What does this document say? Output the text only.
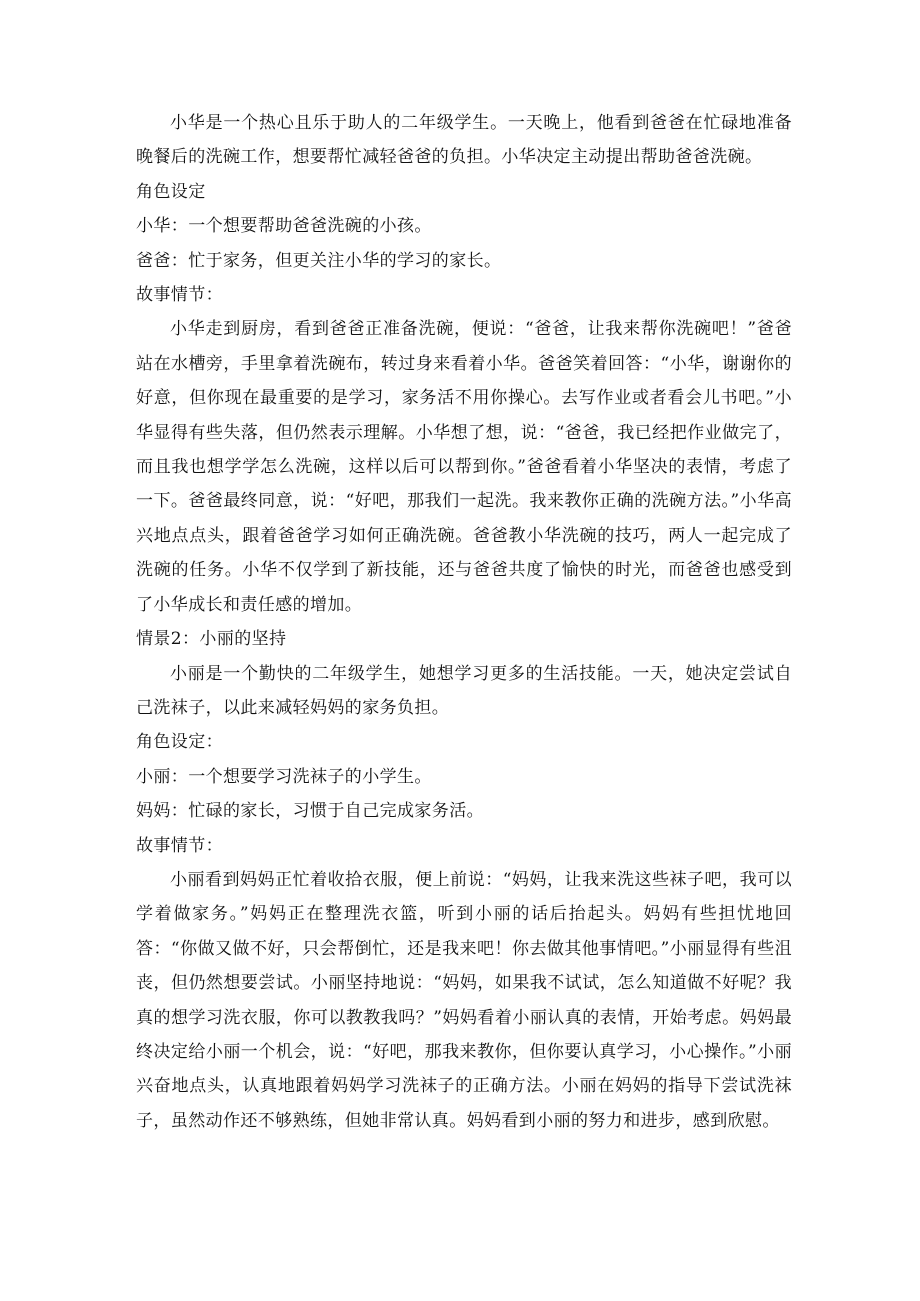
小华是一个热心且乐于助人的二年级学生。一天晚上，他看到爸爸在忙碌地准备晚餐后的洗碗工作，想要帮忙减轻爸爸的负担。小华决定主动提出帮助爸爸洗碗。

角色设定

小华：一个想要帮助爸爸洗碗的小孩。

爸爸：忙于家务，但更关注小华的学习的家长。

故事情节：

小华走到厨房，看到爸爸正准备洗碗，便说：“爸爸，让我来帮你洗碗吧！”爸爸站在水槽旁，手里拿着洗碗布，转过身来看着小华。爸爸笑着回答：“小华，谢谢你的好意，但你现在最重要的是学习，家务活不用你操心。去写作业或者看会儿书吧。”小华显得有些失落，但仍然表示理解。小华想了想，说：“爸爸，我已经把作业做完了，而且我也想学学怎么洗碗，这样以后可以帮到你。”爸爸看着小华坚决的表情，考虑了一下。爸爸最终同意，说：“好吧，那我们一起洗。我来教你正确的洗碗方法。”小华高兴地点点头，跟着爸爸学习如何正确洗碗。爸爸教小华洗碗的技巧，两人一起完成了洗碗的任务。小华不仅学到了新技能，还与爸爸共度了愉快的时光，而爸爸也感受到了小华成长和责任感的增加。

情景2：小丽的坚持

小丽是一个勤快的二年级学生，她想学习更多的生活技能。一天，她决定尝试自己洗袜子，以此来减轻妈妈的家务负担。

角色设定：

小丽：一个想要学习洗袜子的小学生。

妈妈：忙碌的家长，习惯于自己完成家务活。

故事情节：

小丽看到妈妈正忙着收拾衣服，便上前说：“妈妈，让我来洗这些袜子吧，我可以学着做家务。”妈妈正在整理洗衣篮，听到小丽的话后抬起头。妈妈有些担忧地回答：“你做又做不好，只会帮倒忙，还是我来吧！你去做其他事情吧。”小丽显得有些沮丧，但仍然想要尝试。小丽坚持地说：“妈妈，如果我不试试，怎么知道做不好呢？我真的想学习洗衣服，你可以教教我吗？”妈妈看着小丽认真的表情，开始考虑。妈妈最终决定给小丽一个机会，说：“好吧，那我来教你，但你要认真学习，小心操作。”小丽兴奋地点头，认真地跟着妈妈学习洗袜子的正确方法。小丽在妈妈的指导下尝试洗袜子，虽然动作还不够熟练，但她非常认真。妈妈看到小丽的努力和进步，感到欣慰。
